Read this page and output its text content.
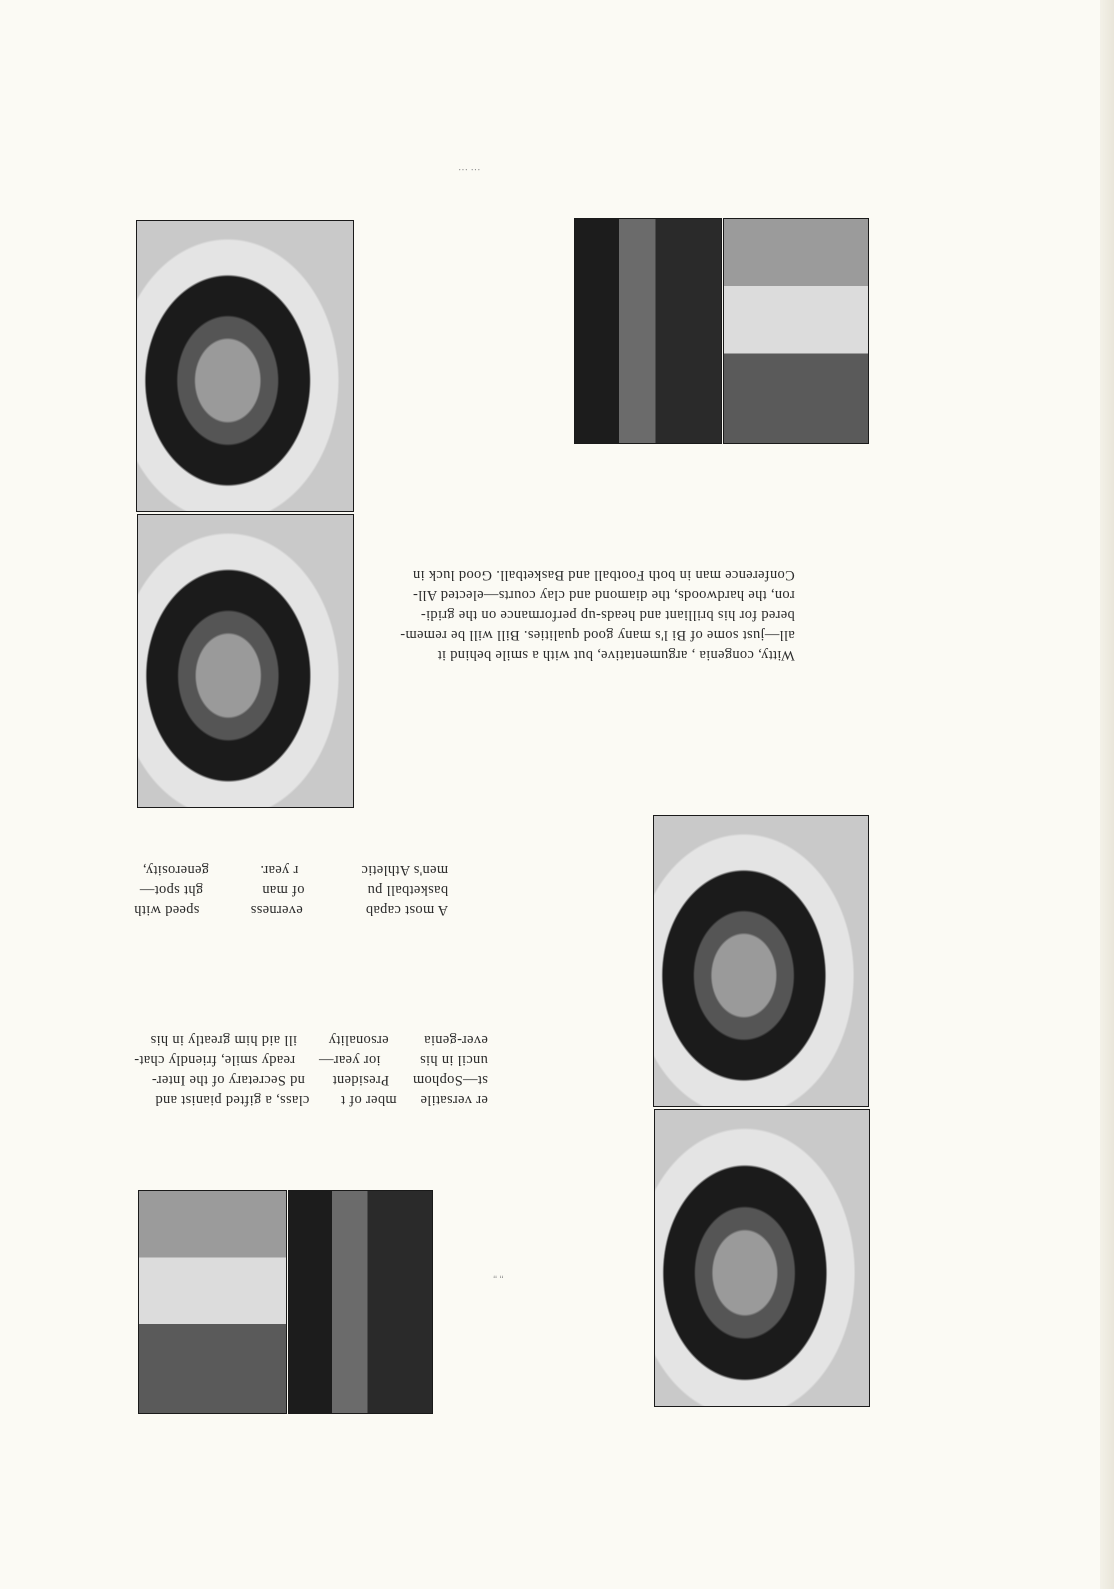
Witty, congenia , argumentative, but with a smile behind it
all—just some of Bi l's many good qualities. Bill will be remem-
bered for his brilliant and heads-up performance on the gridi-
ron, the hardwoods, the diamond and clay courts—elected All-
Conference man in both Football and Basketball. Good luck in
A most capab                everness             speed with
basketball pu                of man               ght spot—
men's Athletic                r year.             generosity,
er versatile      mber of t        class, a gifted pianist and
st—Sophom      President       nd Secretary of the Inter-
uncil in his          ior year—      ready smile, friendly chat-
ever-genia         ersonality        ill aid him greatly in his
··· ···
" "
